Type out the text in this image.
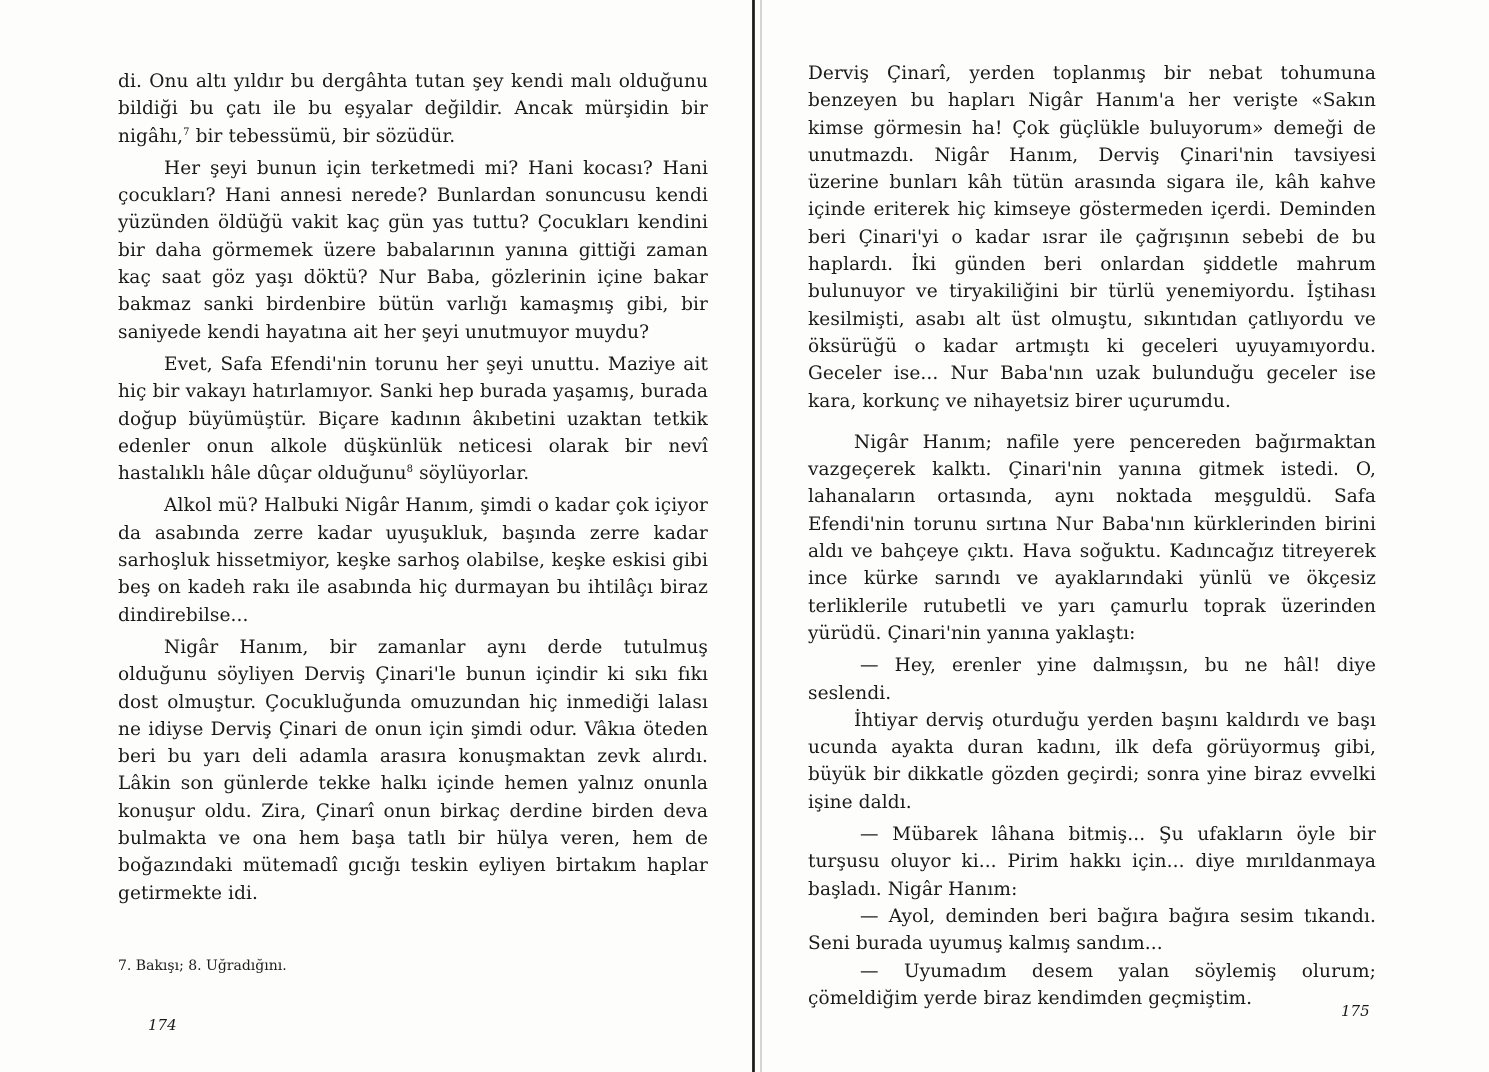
di. Onu altı yıldır bu dergâhta tutan şey kendi malı olduğunu bildiği bu çatı ile bu eşyalar değildir. Ancak mürşidin bir nigâhı,$^7$ bir tebessümü, bir sözüdür.

Her şeyi bunun için terketmedi mi? Hani kocası? Hani çocukları? Hani annesi nerede? Bunlardan sonuncusu kendi yüzünden öldüğü vakit kaç gün yas tuttu? Çocukları kendini bir daha görmemek üzere babalarının yanına gittiği zaman kaç saat göz yaşı döktü? Nur Baba, gözlerinin içine bakar bakmaz sanki birdenbire bütün varlığı kamaşmış gibi, bir saniyede kendi hayatına ait her şeyi unutmuyor muydu?

Evet, Safa Efendi'nin torunu her şeyi unuttu. Maziye ait hiç bir vakayı hatırlamıyor. Sanki hep burada yaşamış, burada doğup büyümüştür. Biçare kadının âkıbetini uzaktan tetkik edenler onun alkole düşkünlük neticesi olarak bir nevî hastalıklı hâle dûçar olduğunu$^8$ söylüyorlar.

Alkol mü? Halbuki Nigâr Hanım, şimdi o kadar çok içiyor da asabında zerre kadar uyuşukluk, başında zerre kadar sarhoşluk hissetmiyor, keşke sarhoş olabilse, keşke eskisi gibi beş on kadeh rakı ile asabında hiç durmayan bu ihtilâçı biraz dindirebilse...

Nigâr Hanım, bir zamanlar aynı derde tutulmuş olduğunu söyliyen Derviş Çinari'le bunun içindir ki sıkı fıkı dost olmuştur. Çocukluğunda omuzundan hiç inmediği lalası ne idiyse Derviş Çinari de onun için şimdi odur. Vâkıa öteden beri bu yarı deli adamla arasıra konuşmaktan zevk alırdı. Lâkin son günlerde tekke halkı içinde hemen yalnız onunla konuşur oldu. Zira, Çinarî onun birkaç derdine birden deva bulmakta ve ona hem başa tatlı bir hülya veren, hem de boğazındaki mütemadî gıcığı teskin eyliyen birtakım haplar getirmekte idi.

7. Bakışı; 8. Uğradığını.
174

Derviş Çinarî, yerden toplanmış bir nebat tohumuna benzeyen bu hapları Nigâr Hanım'a her verişte «Sakın kimse görmesin ha! Çok güçlükle buluyorum» demeği de unutmazdı. Nigâr Hanım, Derviş Çinari'nin tavsiyesi üzerine bunları kâh tütün arasında sigara ile, kâh kahve içinde eriterek hiç kimseye göstermeden içerdi. Deminden beri Çinari'yi o kadar ısrar ile çağrışının sebebi de bu haplardı. İki günden beri onlardan şiddetle mahrum bulunuyor ve tiryakiliğini bir türlü yenemiyordu. İştihası kesilmişti, asabı alt üst olmuştu, sıkıntıdan çatlıyordu ve öksürüğü o kadar artmıştı ki geceleri uyuyamıyordu. Geceler ise... Nur Baba'nın uzak bulunduğu geceler ise kara, korkunç ve nihayetsiz birer uçurumdu.

Nigâr Hanım; nafile yere pencereden bağırmaktan vazgeçerek kalktı. Çinari'nin yanına gitmek istedi. O, lahanaların ortasında, aynı noktada meşguldü. Safa Efendi'nin torunu sırtına Nur Baba'nın kürklerinden birini aldı ve bahçeye çıktı. Hava soğuktu. Kadıncağız titreyerek ince kürke sarındı ve ayaklarındaki yünlü ve ökçesiz terliklerile rutubetli ve yarı çamurlu toprak üzerinden yürüdü. Çinari'nin yanına yaklaştı:

— Hey, erenler yine dalmışsın, bu ne hâl! diye seslendi.

İhtiyar derviş oturduğu yerden başını kaldırdı ve başı ucunda ayakta duran kadını, ilk defa görüyormuş gibi, büyük bir dikkatle gözden geçirdi; sonra yine biraz evvelki işine daldı.

— Mübarek lâhana bitmiş... Şu ufakların öyle bir turşusu oluyor ki... Pirim hakkı için... diye mırıldanmaya başladı. Nigâr Hanım:

— Ayol, deminden beri bağıra bağıra sesim tıkandı. Seni burada uyumuş kalmış sandım...

— Uyumadım desem yalan söylemiş olurum; çömeldiğim yerde biraz kendimden geçmiştim.

175
